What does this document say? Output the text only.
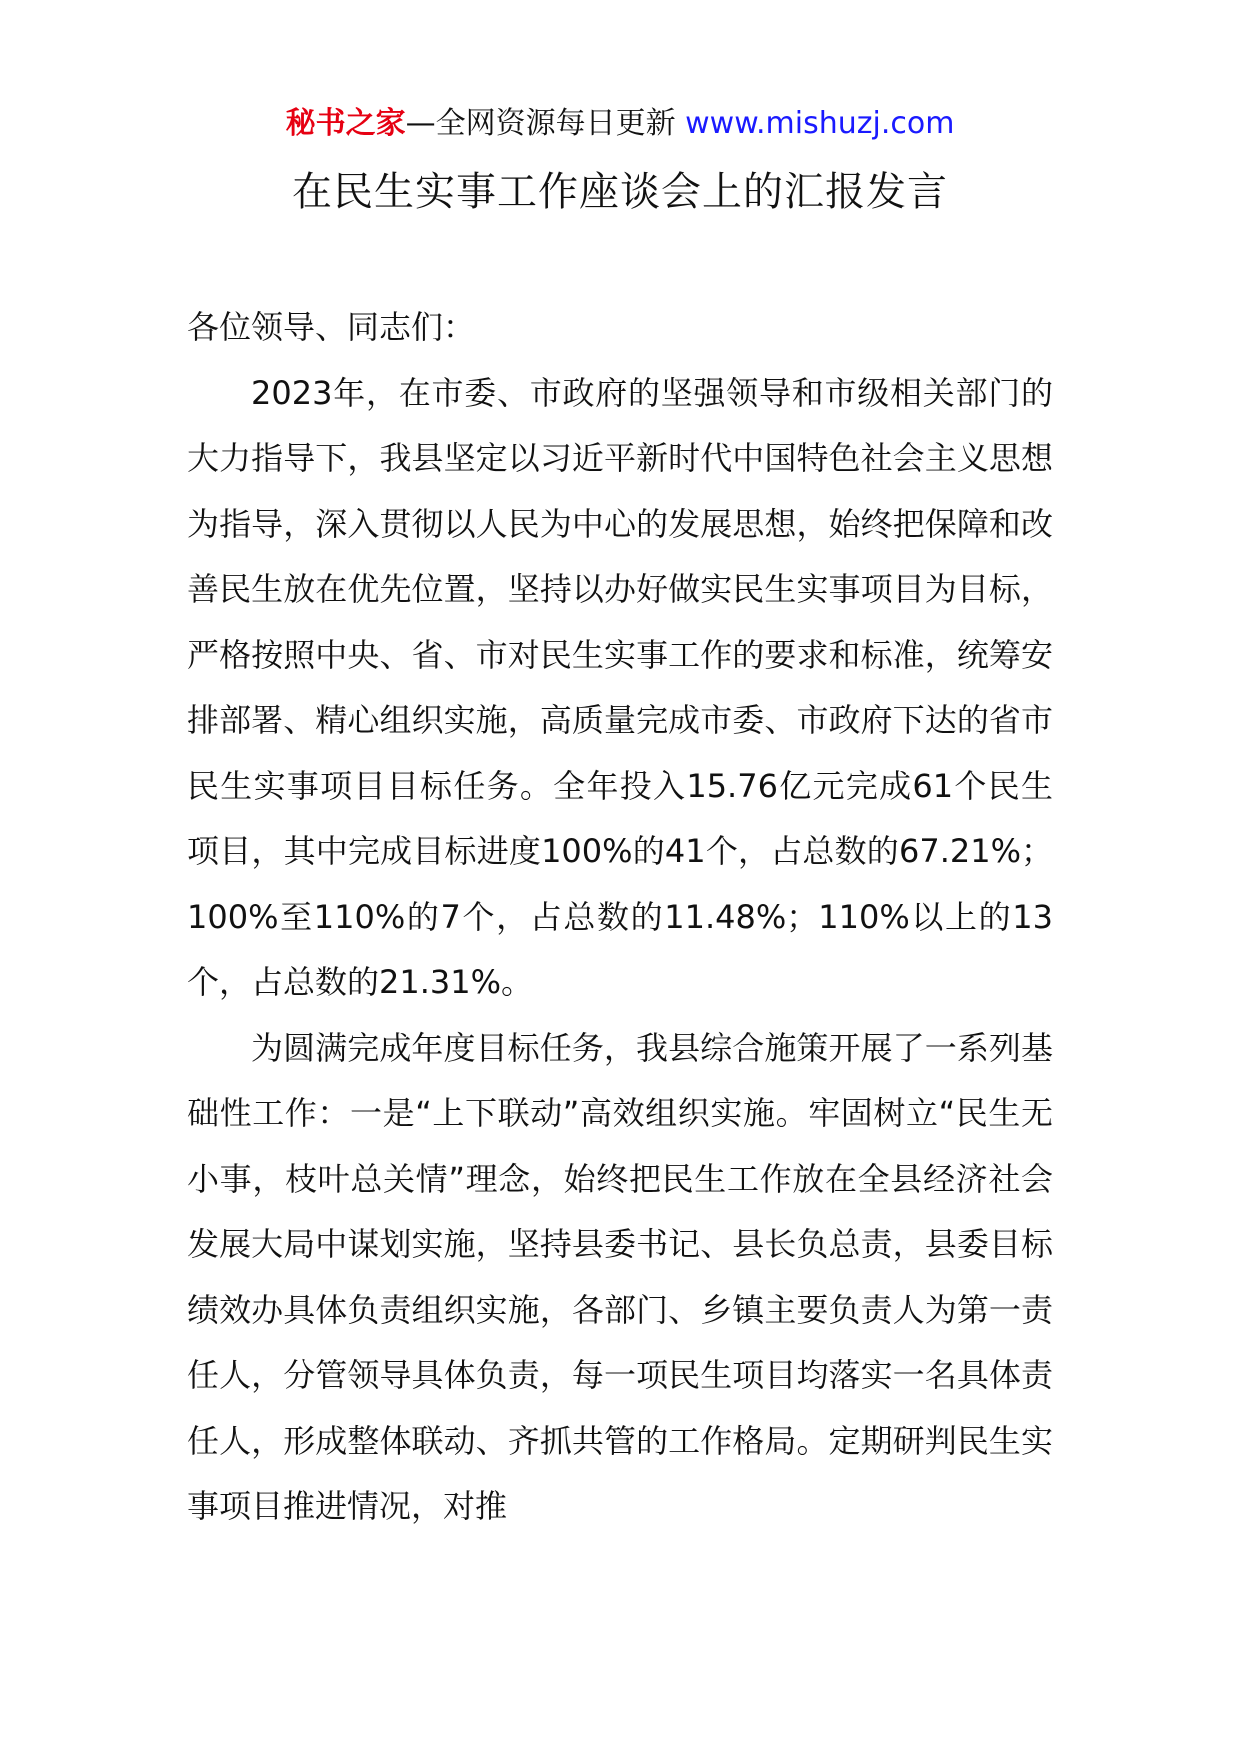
秘书之家—全网资源每日更新 www.mishuzj.com
在民生实事工作座谈会上的汇报发言

各位领导、同志们：

2023年，在市委、市政府的坚强领导和市级相关部门的大力指导下，我县坚定以习近平新时代中国特色社会主义思想为指导，深入贯彻以人民为中心的发展思想，始终把保障和改善民生放在优先位置，坚持以办好做实民生实事项目为目标，严格按照中央、省、市对民生实事工作的要求和标准，统筹安排部署、精心组织实施，高质量完成市委、市政府下达的省市民生实事项目目标任务。全年投入15.76亿元完成61个民生项目，其中完成目标进度100%的41个，占总数的67.21%；100%至110%的7个，占总数的11.48%；110%以上的13个，占总数的21.31%。

为圆满完成年度目标任务，我县综合施策开展了一系列基础性工作：一是“上下联动”高效组织实施。牢固树立“民生无小事，枝叶总关情”理念，始终把民生工作放在全县经济社会发展大局中谋划实施，坚持县委书记、县长负总责，县委目标绩效办具体负责组织实施，各部门、乡镇主要负责人为第一责任人，分管领导具体负责，每一项民生项目均落实一名具体责任人，形成整体联动、齐抓共管的工作格局。定期研判民生实事项目推进情况，对推
